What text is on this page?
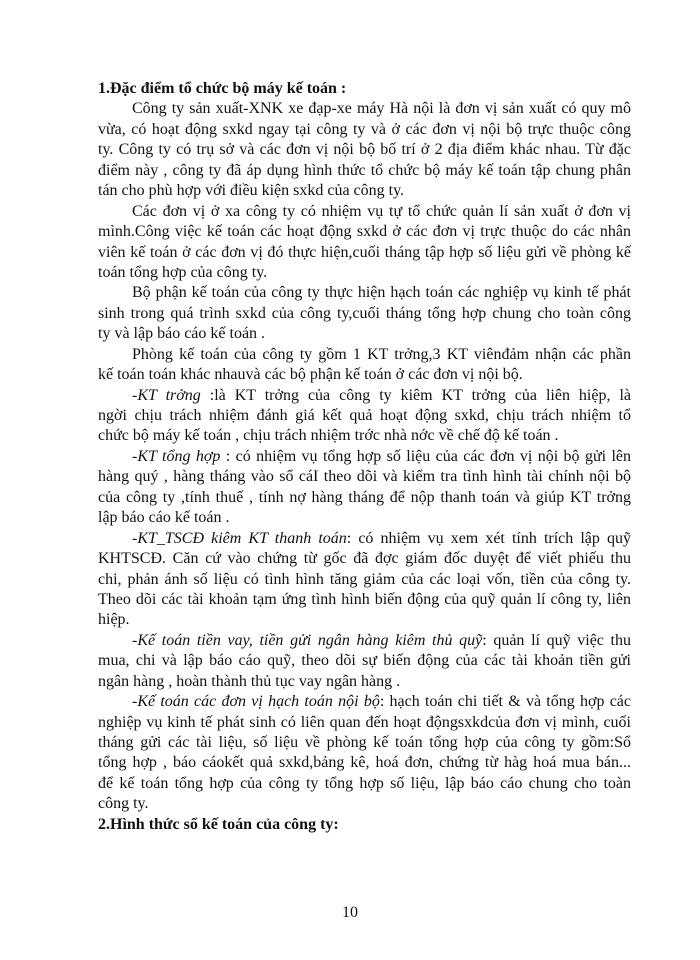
1.Đặc điểm tổ chức bộ máy kế toán :
Công ty sản xuất-XNK xe đạp-xe máy Hà nội là đơn vị sản xuất có quy mô
vừa, có hoạt động sxkd ngay tại công ty và ở các đơn vị nội bộ trực thuộc công
ty. Công ty có trụ sở và các đơn vị nội bộ bố trí ở 2 địa điểm khác nhau. Từ đặc
điểm này , công ty đã áp dụng hình thức tổ chức bộ máy kế toán tập chung phân
tán cho phù hợp với điều kiện sxkd của công ty.
Các đơn vị ở xa công ty có nhiệm vụ tự tổ chức quản lí sản xuất ở đơn vị
mình.Công việc kế toán các hoạt động sxkd ở các đơn vị trực thuộc do các nhân
viên kế toán ở các đơn vị đó thực hiện,cuối tháng tập hợp số liệu gửi về phòng kế
toán tổng hợp của công ty.
Bộ phận kế toán của công ty thực hiện hạch toán các nghiệp vụ kinh tế phát
sinh trong quá trình sxkd của công ty,cuối tháng tổng hợp chung cho toàn công
ty và lập báo cáo kế toán .
Phòng kế toán của công ty gồm 1 KT trởng,3 KT viênđảm nhận các phần
kế toán toán khác nhauvà các bộ phận kế toán ở các đơn vị nội bộ.
-KT trởng :là KT trởng của công ty kiêm KT trởng của liên hiệp, là
ngời chịu trách nhiệm đánh giá kết quả hoạt động sxkd, chịu trách nhiệm tổ
chức bộ máy kế toán , chịu trách nhiệm trớc nhà nớc về chế độ kế toán .
-KT tổng hợp : có nhiệm vụ tổng hợp số liệu của các đơn vị nội bộ gửi lên
hàng quý , hàng tháng vào sổ cáI theo dõi và kiểm tra tình hình tài chính nội bộ
của công ty ,tính thuế , tính nợ hàng tháng để nộp thanh toán và giúp KT trởng
lập báo cáo kế toán .
-KT_TSCĐ kiêm KT thanh toán: có nhiệm vụ xem xét tính trích lập quỹ
KHTSCĐ. Căn cứ vào chứng từ gốc đã đợc giám đốc duyệt để viết phiếu thu
chi, phản ánh số liệu có tình hình tăng giảm của các loại vốn, tiền của công ty.
Theo dõi các tài khoản tạm ứng tình hình biến động của quỹ quản lí công ty, liên
hiệp.
-Kế toán tiền vay, tiền gửi ngân hàng kiêm thủ quỹ: quản lí quỹ việc thu
mua, chi và lập báo cáo quỹ, theo dõi sự biến động của các tài khoản tiền gửi
ngân hàng , hoàn thành thủ tục vay ngân hàng .
-Kế toán các đơn vị hạch toán nội bộ: hạch toán chi tiết & và tổng hợp các
nghiệp vụ kinh tế phát sinh có liên quan đến hoạt độngsxkdcủa đơn vị mình, cuối
tháng gửi các tài liệu, số liệu về phòng kế toán tổng hợp của công ty gồm:Sổ
tổng hợp , báo cáokết quả sxkd,bảng kê, hoá đơn, chứng từ hàg hoá mua bán...
để kế toán tổng hợp của công ty tổng hợp số liệu, lập báo cáo chung cho toàn
công ty.
2.Hình thức sổ kế toán của công ty:
10
